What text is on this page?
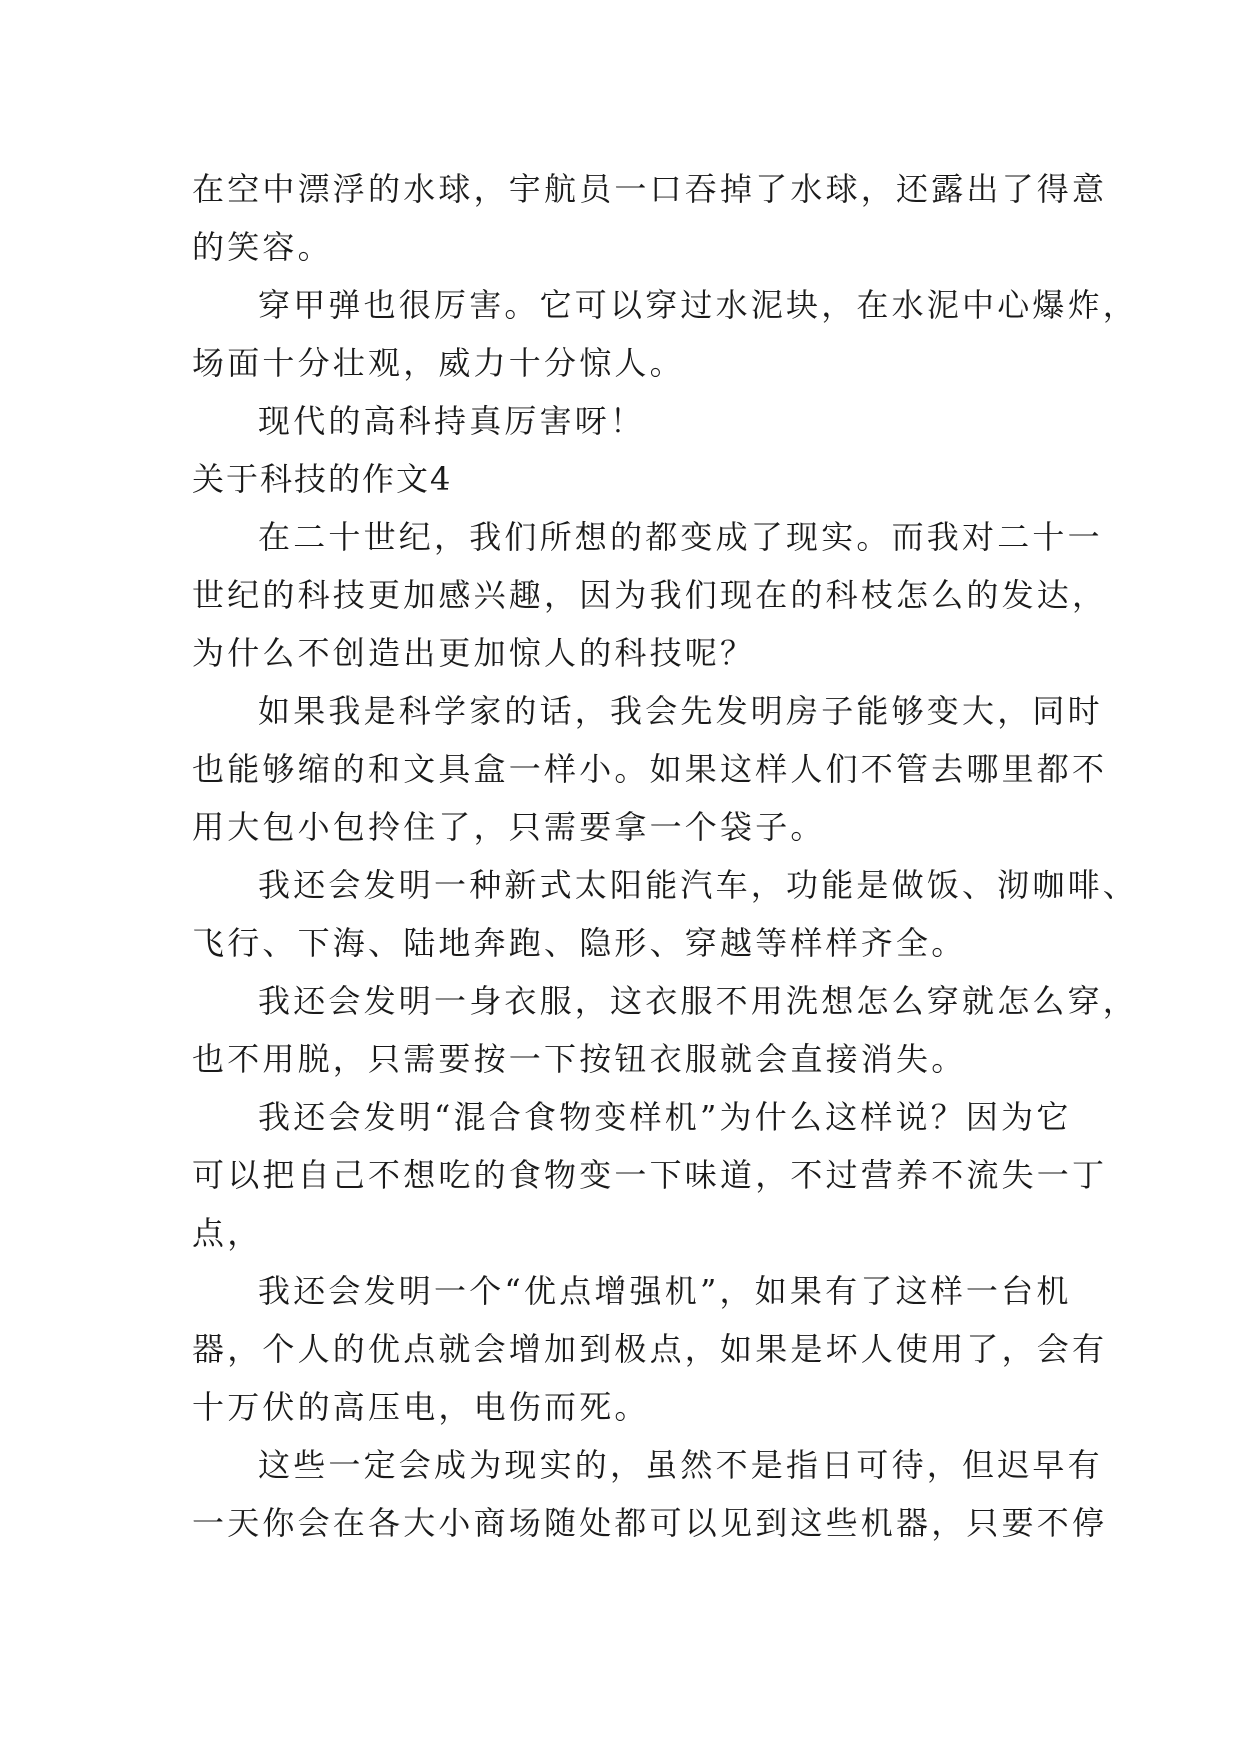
在空中漂浮的水球，宇航员一口吞掉了水球，还露出了得意
的笑容。
穿甲弹也很厉害。它可以穿过水泥块，在水泥中心爆炸，
场面十分壮观，威力十分惊人。
现代的高科持真厉害呀！
关于科技的作文4
在二十世纪，我们所想的都变成了现实。而我对二十一
世纪的科技更加感兴趣，因为我们现在的科枝怎么的发达，
为什么不创造出更加惊人的科技呢？
如果我是科学家的话，我会先发明房子能够变大，同时
也能够缩的和文具盒一样小。如果这样人们不管去哪里都不
用大包小包拎住了，只需要拿一个袋子。
我还会发明一种新式太阳能汽车，功能是做饭、沏咖啡、
飞行、下海、陆地奔跑、隐形、穿越等样样齐全。
我还会发明一身衣服，这衣服不用洗想怎么穿就怎么穿，
也不用脱，只需要按一下按钮衣服就会直接消失。
我还会发明“混合食物变样机”为什么这样说？因为它
可以把自己不想吃的食物变一下味道，不过营养不流失一丁
点，
我还会发明一个“优点增强机”，如果有了这样一台机
器，个人的优点就会增加到极点，如果是坏人使用了，会有
十万伏的高压电，电伤而死。
这些一定会成为现实的，虽然不是指日可待，但迟早有
一天你会在各大小商场随处都可以见到这些机器，只要不停
